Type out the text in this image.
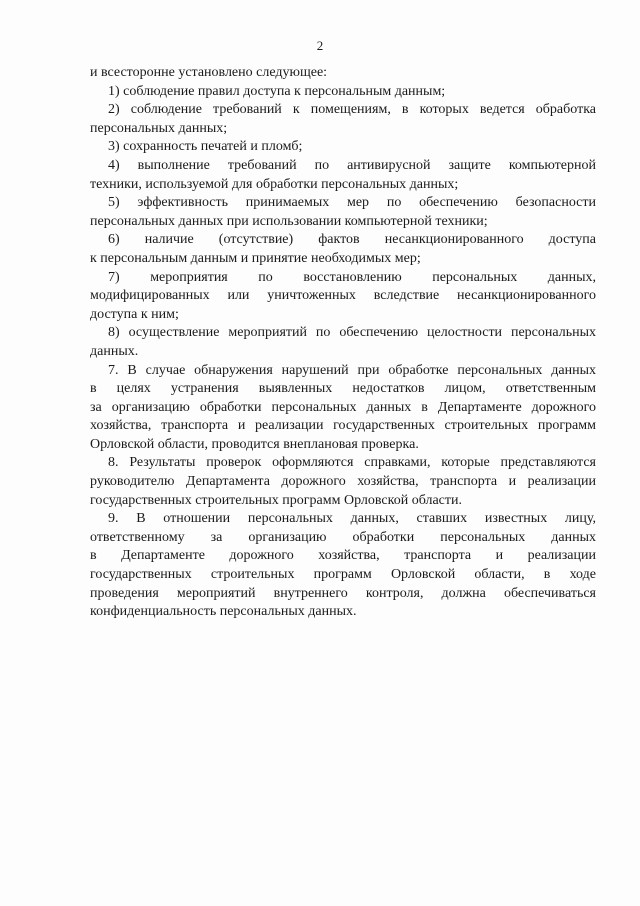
2
и всесторонне установлено следующее:
1) соблюдение правил доступа к персональным данным;
2) соблюдение требований к помещениям, в которых ведется обработка
персональных данных;
3) сохранность печатей и пломб;
4) выполнение требований по антивирусной защите компьютерной
техники, используемой для обработки персональных данных;
5) эффективность принимаемых мер по обеспечению безопасности
персональных данных при использовании компьютерной техники;
6) наличие (отсутствие) фактов несанкционированного доступа
к персональным данным и принятие необходимых мер;
7) мероприятия по восстановлению персональных данных,
модифицированных или уничтоженных вследствие несанкционированного
доступа к ним;
8) осуществление мероприятий по обеспечению целостности персональных
данных.
7. В случае обнаружения нарушений при обработке персональных данных
в целях устранения выявленных недостатков лицом, ответственным
за организацию обработки персональных данных в Департаменте дорожного
хозяйства, транспорта и реализации государственных строительных программ
Орловской области, проводится внеплановая проверка.
8. Результаты проверок оформляются справками, которые представляются
руководителю Департамента дорожного хозяйства, транспорта и реализации
государственных строительных программ Орловской области.
9. В отношении персональных данных, ставших известных лицу,
ответственному за организацию обработки персональных данных
в Департаменте дорожного хозяйства, транспорта и реализации
государственных строительных программ Орловской области, в ходе
проведения мероприятий внутреннего контроля, должна обеспечиваться
конфиденциальность персональных данных.
